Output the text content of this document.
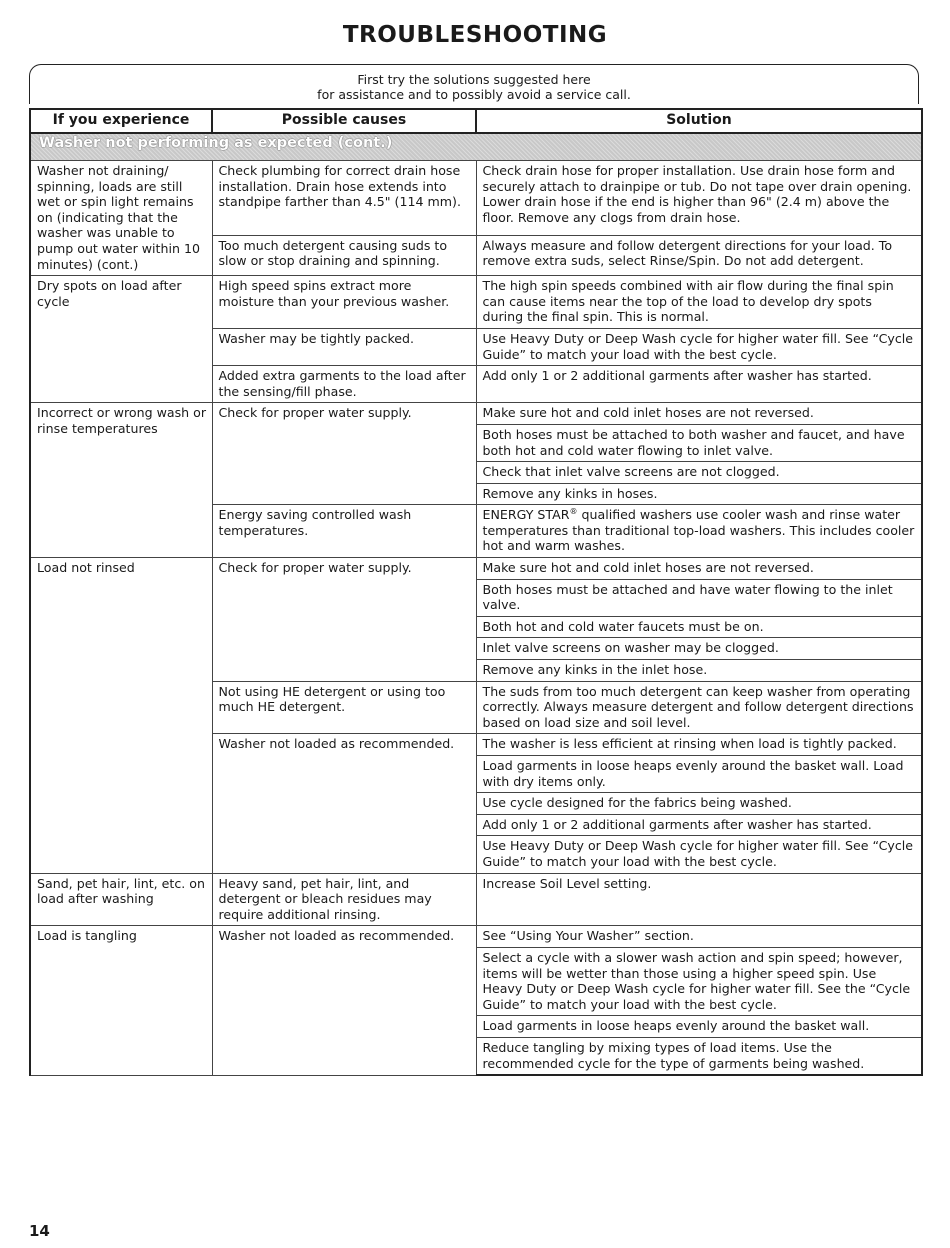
TROUBLESHOOTING
First try the solutions suggested here
for assistance and to possibly avoid a service call.
If you experience	Possible causes	Solution
Washer not performing as expected (cont.)		
Washer not draining/ spinning, loads are still wet or spin light remains on (indicating that the washer was unable to pump out water within 10 minutes) (cont.)	Check plumbing for correct drain hose installation. Drain hose extends into standpipe farther than 4.5" (114 mm).	Check drain hose for proper installation. Use drain hose form and securely attach to drainpipe or tub. Do not tape over drain opening. Lower drain hose if the end is higher than 96" (2.4 m) above the floor. Remove any clogs from drain hose.
	Too much detergent causing suds to slow or stop draining and spinning.	Always measure and follow detergent directions for your load. To remove extra suds, select Rinse/Spin. Do not add detergent.
Dry spots on load after cycle	High speed spins extract more moisture than your previous washer.	The high spin speeds combined with air flow during the final spin can cause items near the top of the load to develop dry spots during the final spin. This is normal.
	Washer may be tightly packed.	Use Heavy Duty or Deep Wash cycle for higher water fill. See “Cycle Guide” to match your load with the best cycle.
	Added extra garments to the load after the sensing/fill phase.	Add only 1 or 2 additional garments after washer has started.
Incorrect or wrong wash or rinse temperatures	Check for proper water supply.	Make sure hot and cold inlet hoses are not reversed.
		Both hoses must be attached to both washer and faucet, and have both hot and cold water flowing to inlet valve.
		Check that inlet valve screens are not clogged.
		Remove any kinks in hoses.
	Energy saving controlled wash temperatures.	ENERGY STAR® qualified washers use cooler wash and rinse water temperatures than traditional top-load washers. This includes cooler hot and warm washes.
Load not rinsed	Check for proper water supply.	Make sure hot and cold inlet hoses are not reversed.
		Both hoses must be attached and have water flowing to the inlet valve.
		Both hot and cold water faucets must be on.
		Inlet valve screens on washer may be clogged.
		Remove any kinks in the inlet hose.
	Not using HE detergent or using too much HE detergent.	The suds from too much detergent can keep washer from operating correctly. Always measure detergent and follow detergent directions based on load size and soil level.
	Washer not loaded as recommended.	The washer is less efficient at rinsing when load is tightly packed.
		Load garments in loose heaps evenly around the basket wall. Load with dry items only.
		Use cycle designed for the fabrics being washed.
		Add only 1 or 2 additional garments after washer has started.
		Use Heavy Duty or Deep Wash cycle for higher water fill. See “Cycle Guide” to match your load with the best cycle.
Sand, pet hair, lint, etc. on load after washing	Heavy sand, pet hair, lint, and detergent or bleach residues may require additional rinsing.	Increase Soil Level setting.
Load is tangling	Washer not loaded as recommended.	See “Using Your Washer” section.
		Select a cycle with a slower wash action and spin speed; however, items will be wetter than those using a higher speed spin. Use Heavy Duty or Deep Wash cycle for higher water fill. See the “Cycle Guide” to match your load with the best cycle.
		Load garments in loose heaps evenly around the basket wall.
		Reduce tangling by mixing types of load items. Use the recommended cycle for the type of garments being washed.
14
